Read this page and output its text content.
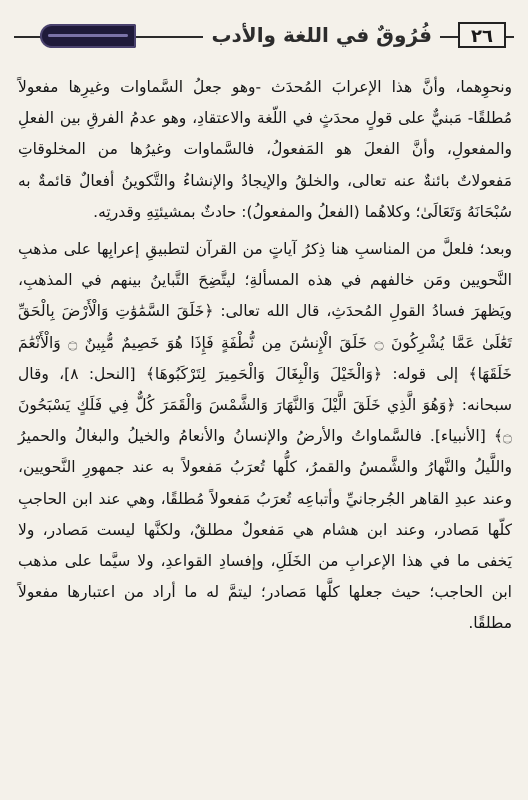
فُرُوقٌ في اللغة والأدب	٢٦

ونحوِهما، وأنَّ هذا الإعرابَ المُحدَث -وهو جعلُ السَّماوات وغيرِها مفعولاً مُطلقًا- مَبنيٌّ على قولٍ محدَثٍ في اللّغة والاعتقادِ، وهو عدمُ الفرقِ بين الفعلِ والمفعولِ، وأنَّ الفعلَ هو المَفعولُ، فالسَّماوات وغيرُها من المخلوقاتِ مَفعولاتٌ بائنةٌ عنه تعالى، والخلقُ والإيجادُ والإنشاءُ والتَّكوينُ أفعالٌ قائمةٌ به سُبْحَانَهُ وَتَعَالَىٰ؛ وكلاهُما (الفعلُ والمفعولُ): حادثٌ بمشيئتِهِ وقدرتِه.

وبعد؛ فلعلَّ من المناسبِ هنا ذِكرُ آياتٍ من القرآن لتطبيقِ إعرابِها على مذهبِ النَّحويين ومَن خالفهم في هذه المسألةِ؛ ليتَّضِحَ التَّباينُ بينهم في المذهبِ، ويَظهرَ فسادُ القولِ المُحدَثِ، قال الله تعالى: ﴿خَلَقَ السَّمَٰوَٰتِ وَالْأَرْضَ بِالْحَقِّ تَعَٰلَىٰ عَمَّا يُشْرِكُونَ ۝ خَلَقَ الْإِنسَٰنَ مِن نُّطْفَةٍ فَإِذَا هُوَ خَصِيمٌ مُّبِينٌ ۝ وَالْأَنْعَٰمَ خَلَقَهَا﴾ إلى قوله: ﴿وَالْخَيْلَ وَالْبِغَالَ وَالْحَمِيرَ لِتَرْكَبُوهَا﴾ [النحل: ٨]، وقال سبحانه: ﴿وَهُوَ الَّذِي خَلَقَ الَّيْلَ وَالنَّهَارَ وَالشَّمْسَ وَالْقَمَرَ كُلٌّ فِي فَلَكٍ يَسْبَحُونَ ۝﴾ [الأنبياء]. فالسَّماواتُ والأرضُ والإنسانُ والأنعامُ والخيلُ والبغالُ والحميرُ واللَّيلُ والنَّهارُ والشَّمسُ والقمرُ، كلُّها تُعرَبُ مَفعولاً به عند جمهورِ النَّحويين، وعند عبدِ القاهر الجُرجانيِّ وأتباعِه تُعرَبُ مَفعولاً مُطلقًا، وهي عند ابن الحاجبِ كلّها مَصادر، وعند ابن هشام هي مَفعولٌ مطلقٌ، ولكنَّها ليست مَصادر، ولا يَخفى ما في هذا الإعرابِ من الخَلَلِ، وإفسادِ القواعدِ، ولا سيَّما على مذهب ابن الحاجب؛ حيث جعلها كلَّها مَصادر؛ ليتمَّ له ما أراد من اعتبارها مفعولاً مطلقًا.
